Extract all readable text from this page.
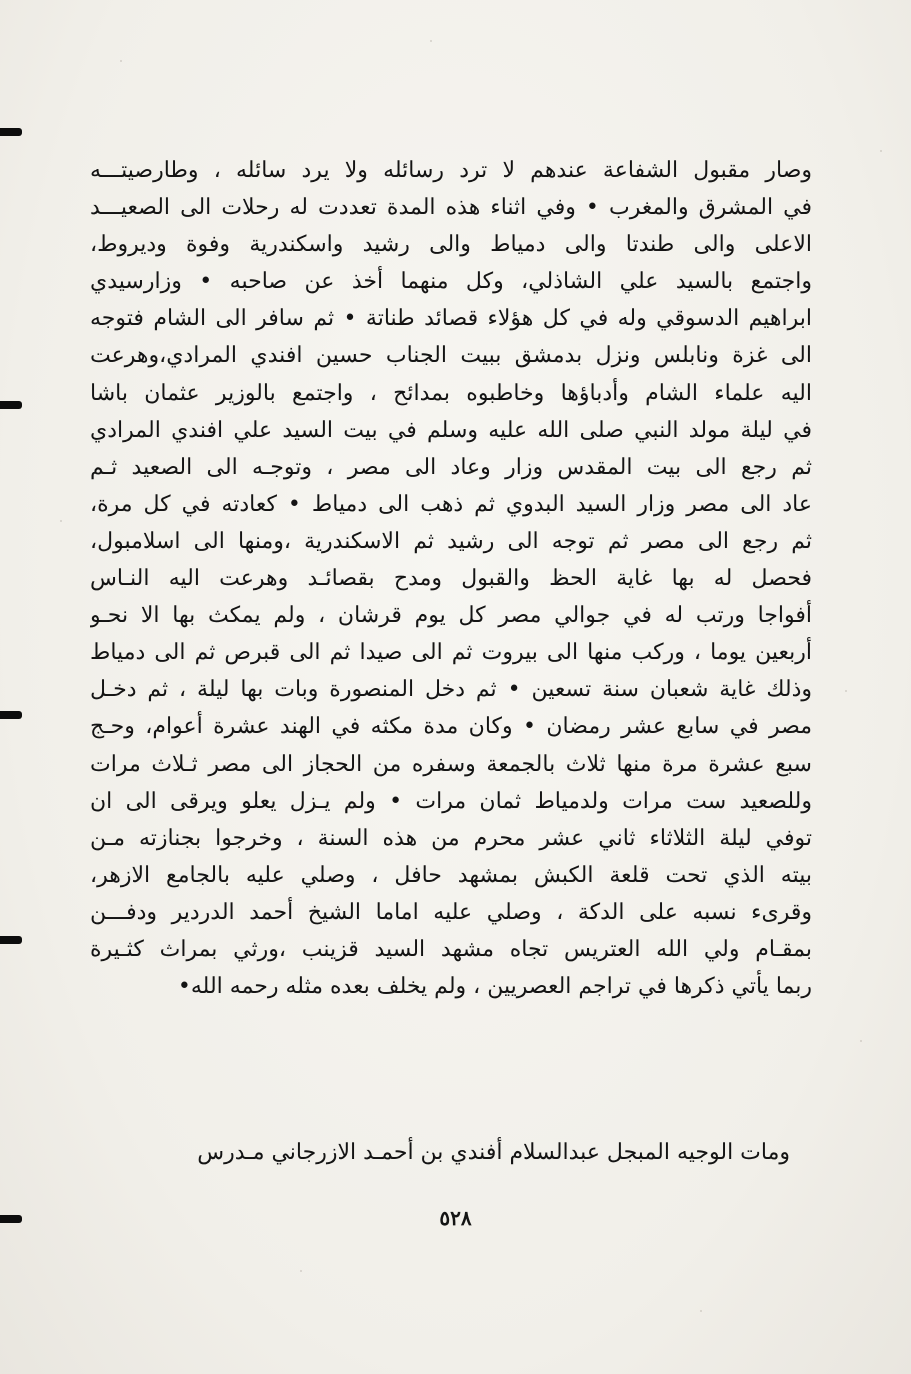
وصار مقبول الشفاعة عندهم لا ترد رسائله ولا يرد سائله ، وطارصيتـــه
في المشرق والمغرب • وفي اثناء هذه المدة تعددت له رحلات الى الصعيـــد
الاعلى والى طندتا والى دمياط والى رشيد واسكندرية وفوة وديروط،
واجتمع بالسيد علي الشاذلي، وكل منهما أخذ عن صاحبه • وزارسيدي
ابراهيم الدسوقي وله في كل هؤلاء قصائد طناتة • ثم سافر الى الشام فتوجه
الى غزة ونابلس ونزل بدمشق ببيت الجناب حسين افندي المرادي،وهرعت
اليه علماء الشام وأدباؤها وخاطبوه بمدائح ، واجتمع بالوزير عثمان باشا
في ليلة مولد النبي صلى الله عليه وسلم في بيت السيد علي افندي المرادي
ثم رجع الى بيت المقدس وزار وعاد الى مصر ، وتوجـه الى الصعيد ثـم
عاد الى مصر وزار السيد البدوي ثم ذهب الى دمياط • كعادته في كل مرة،
ثم رجع الى مصر ثم توجه الى رشيد ثم الاسكندرية ،ومنها الى اسلامبول،
فحصل له بها غاية الحظ والقبول ومدح بقصائـد وهرعت اليه النـاس
أفواجا ورتب له في جوالي مصر كل يوم قرشان ، ولم يمكث بها الا نحـو
أربعين يوما ، وركب منها الى بيروت ثم الى صيدا ثم الى قبرص ثم الى دمياط
وذلك غاية شعبان سنة تسعين • ثم دخل المنصورة وبات بها ليلة ، ثم دخـل
مصر في سابع عشر رمضان • وكان مدة مكثه في الهند عشرة أعوام، وحـج
سبع عشرة مرة منها ثلاث بالجمعة وسفره من الحجاز الى مصر ثـلاث مرات
وللصعيد ست مرات ولدمياط ثمان مرات • ولم يـزل يعلو ويرقى الى ان
توفي ليلة الثلاثاء ثاني عشر محرم من هذه السنة ، وخرجوا بجنازته مـن
بيته الذي تحت قلعة الكبش بمشهد حافل ، وصلي عليه بالجامع الازهر،
وقرىء نسبه على الدكة ، وصلي عليه اماما الشيخ أحمد الدردير ودفـــن
بمقـام ولي الله العتريس تجاه مشهد السيد قزينب ،ورثي بمراث كثـيرة
ربما يأتي ذكرها في تراجم العصريين ، ولم يخلف بعده مثله رحمه الله•
ومات الوجيه المبجل عبدالسلام أفندي بن أحمـد الازرجاني مـدرس
٥٢٨
